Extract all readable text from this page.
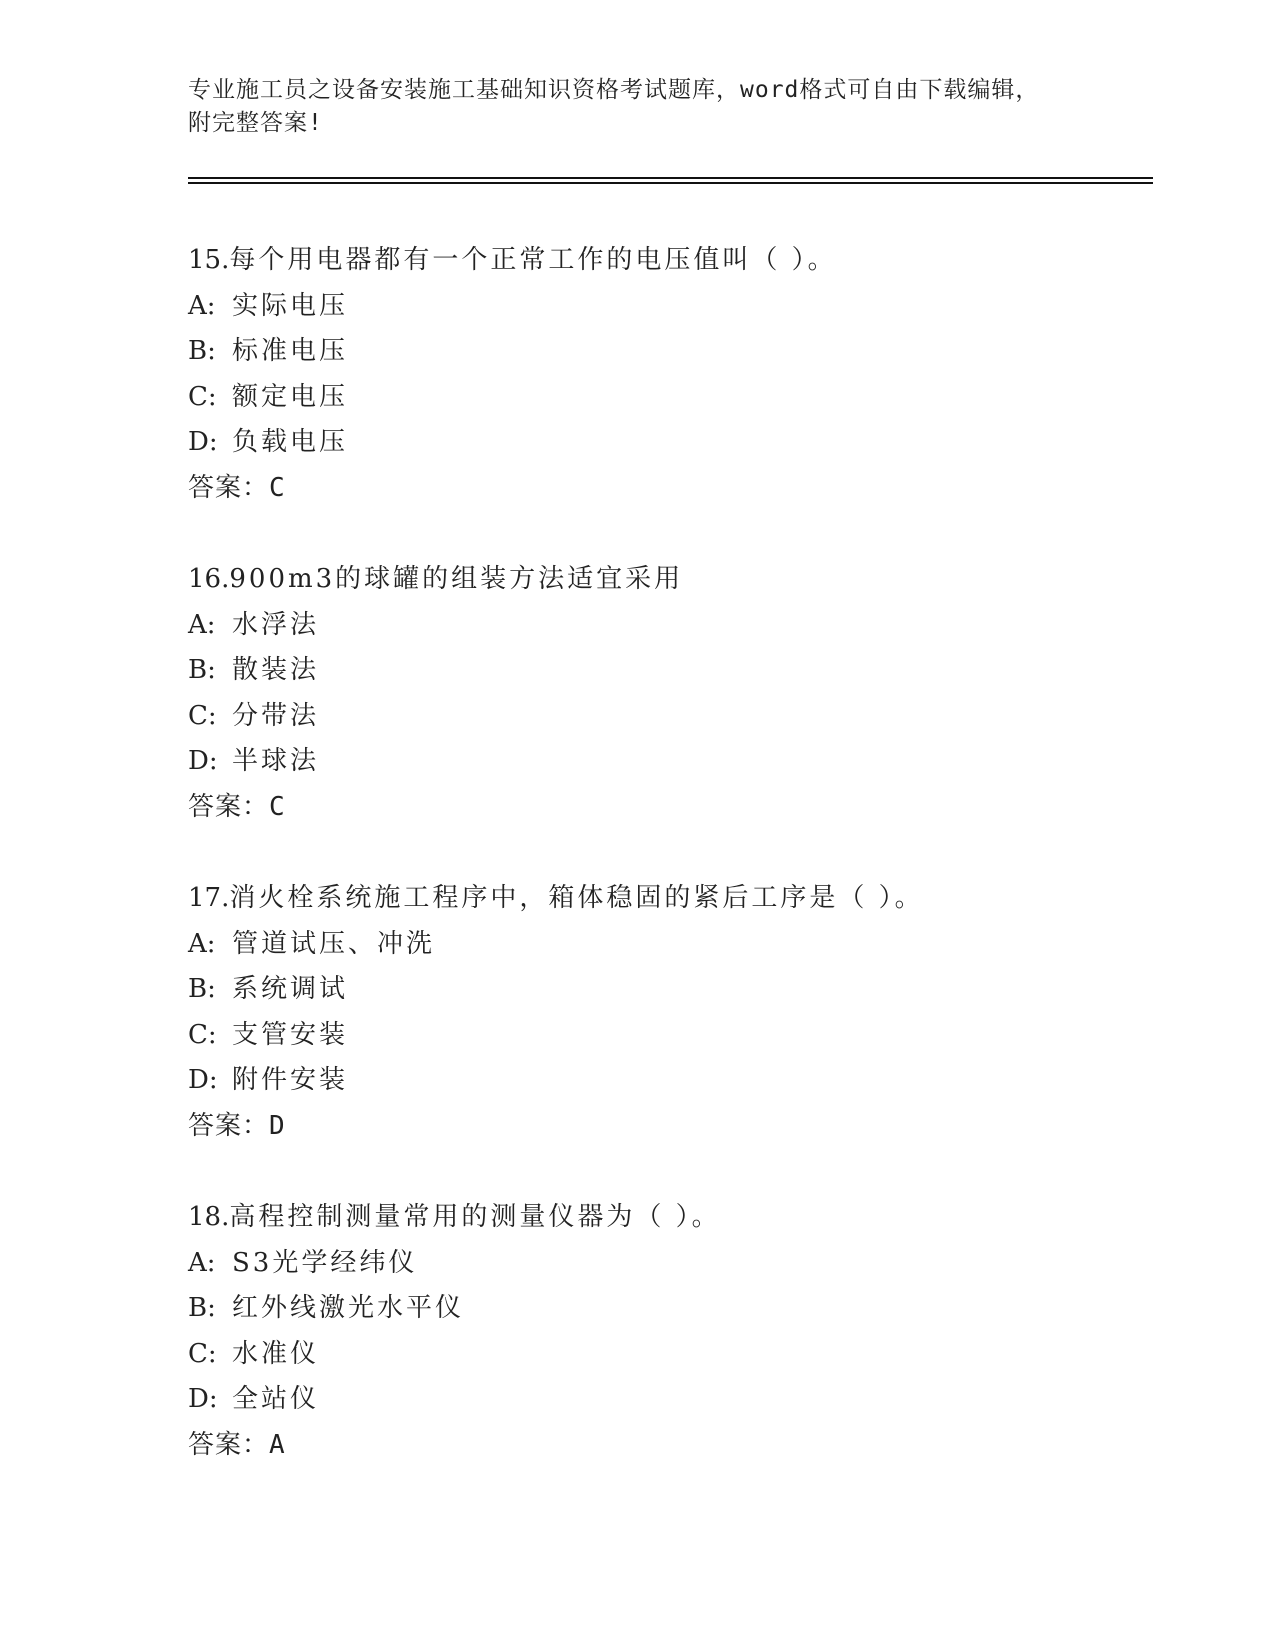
专业施工员之设备安装施工基础知识资格考试题库，word格式可自由下载编辑，
附完整答案!
15.每个用电器都有一个正常工作的电压值叫（ ）。
A: 实际电压
B: 标准电压
C: 额定电压
D: 负载电压
答案：C
16.900m3的球罐的组装方法适宜采用
A: 水浮法
B: 散装法
C: 分带法
D: 半球法
答案：C
17.消火栓系统施工程序中，箱体稳固的紧后工序是（ ）。
A: 管道试压、冲洗
B: 系统调试
C: 支管安装
D: 附件安装
答案：D
18.高程控制测量常用的测量仪器为（ ）。
A: S3光学经纬仪
B: 红外线激光水平仪
C: 水准仪
D: 全站仪
答案：A
